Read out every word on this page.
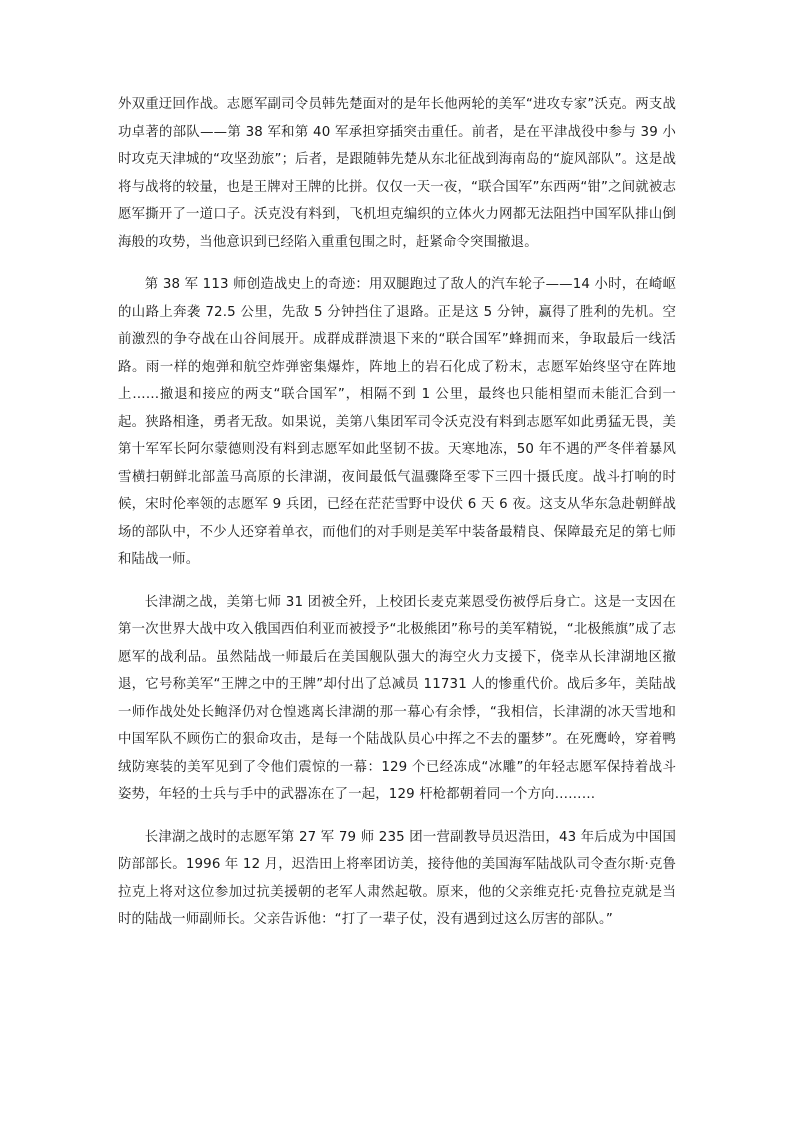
外双重迂回作战。志愿军副司令员韩先楚面对的是年长他两轮的美军“进攻专家”沃克。两支战功卓著的部队——第 38 军和第 40 军承担穿插突击重任。前者，是在平津战役中参与 39 小时攻克天津城的“攻坚劲旅”；后者，是跟随韩先楚从东北征战到海南岛的“旋风部队”。这是战将与战将的较量，也是王牌对王牌的比拼。仅仅一天一夜，“联合国军”东西两“钳”之间就被志愿军撕开了一道口子。沃克没有料到，飞机坦克编织的立体火力网都无法阻挡中国军队排山倒海般的攻势，当他意识到已经陷入重重包围之时，赶紧命令突围撤退。

第 38 军 113 师创造战史上的奇迹：用双腿跑过了敌人的汽车轮子——14 小时，在崎岖的山路上奔袭 72.5 公里，先敌 5 分钟挡住了退路。正是这 5 分钟，赢得了胜利的先机。空前激烈的争夺战在山谷间展开。成群成群溃退下来的“联合国军”蜂拥而来，争取最后一线活路。雨一样的炮弹和航空炸弹密集爆炸，阵地上的岩石化成了粉末，志愿军始终坚守在阵地上……撤退和接应的两支“联合国军”，相隔不到 1 公里，最终也只能相望而未能汇合到一起。狭路相逢，勇者无敌。如果说，美第八集团军司令沃克没有料到志愿军如此勇猛无畏，美第十军军长阿尔蒙德则没有料到志愿军如此坚韧不拔。天寒地冻，50 年不遇的严冬伴着暴风雪横扫朝鲜北部盖马高原的长津湖，夜间最低气温骤降至零下三四十摄氏度。战斗打响的时候，宋时伦率领的志愿军 9 兵团，已经在茫茫雪野中设伏 6 天 6 夜。这支从华东急赴朝鲜战场的部队中，不少人还穿着单衣，而他们的对手则是美军中装备最精良、保障最充足的第七师和陆战一师。

长津湖之战，美第七师 31 团被全歼，上校团长麦克莱恩受伤被俘后身亡。这是一支因在第一次世界大战中攻入俄国西伯利亚而被授予“北极熊团”称号的美军精锐，“北极熊旗”成了志愿军的战利品。虽然陆战一师最后在美国舰队强大的海空火力支援下，侥幸从长津湖地区撤退，它号称美军“王牌之中的王牌”却付出了总减员 11731 人的惨重代价。战后多年，美陆战一师作战处处长鲍泽仍对仓惶逃离长津湖的那一幕心有余悸，“我相信，长津湖的冰天雪地和中国军队不顾伤亡的狠命攻击，是每一个陆战队员心中挥之不去的噩梦”。在死鹰岭，穿着鸭绒防寒装的美军见到了令他们震惊的一幕：129 个已经冻成“冰雕”的年轻志愿军保持着战斗姿势，年轻的士兵与手中的武器冻在了一起，129 杆枪都朝着同一个方向………

长津湖之战时的志愿军第 27 军 79 师 235 团一营副教导员迟浩田，43 年后成为中国国防部部长。1996 年 12 月，迟浩田上将率团访美，接待他的美国海军陆战队司令查尔斯·克鲁拉克上将对这位参加过抗美援朝的老军人肃然起敬。原来，他的父亲维克托·克鲁拉克就是当时的陆战一师副师长。父亲告诉他：“打了一辈子仗，没有遇到过这么厉害的部队。”
